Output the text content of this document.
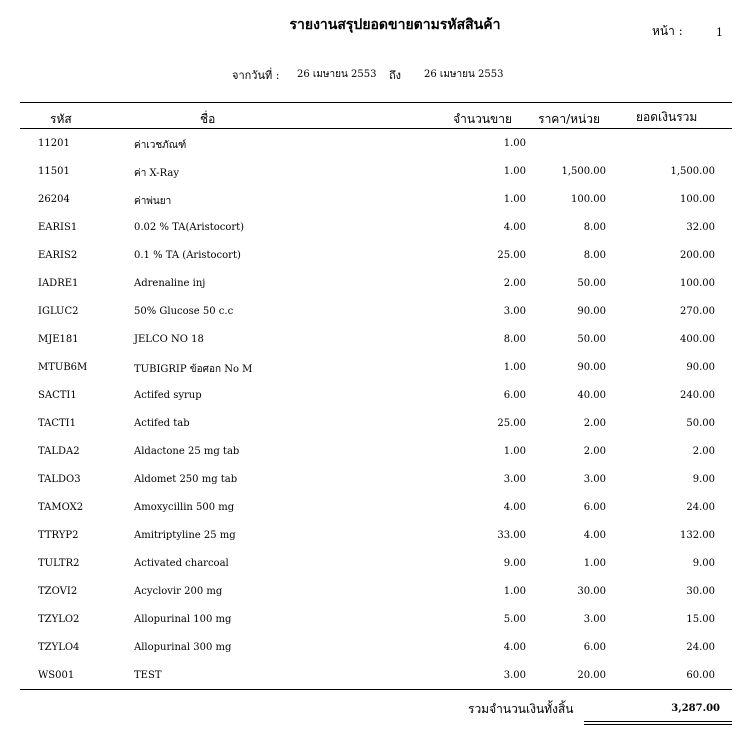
รายงานสรุปยอดขายตามรหัสสินค้า	หน้า :	1
จากวันที่ : 26 เมษายน 2553 ถึง 26 เมษายน 2553
รหัส	ชื่อ	จำนวนขาย ราคา/หน่วย	ยอดเงินรวม
11201	ค่าเวชภัณฑ์	1.00
11501	ค่า X-Ray	1.00	1,500.00	1,500.00
26204	ค่าพ่นยา	1.00	100.00	100.00
EARIS1	0.02 % TA(Aristocort)	4.00	8.00	32.00
EARIS2	0.1 % TA (Aristocort)	25.00	8.00	200.00
IADRE1	Adrenaline inj	2.00	50.00	100.00
IGLUC2	50% Glucose 50 c.c	3.00	90.00	270.00
MJE181	JELCO NO 18	8.00	50.00	400.00
MTUB6M	TUBIGRIP ข้อศอก No M	1.00	90.00	90.00
SACTI1	Actifed syrup	6.00	40.00	240.00
TACTI1	Actifed tab	25.00	2.00	50.00
TALDA2	Aldactone 25 mg tab	1.00	2.00	2.00
TALDO3	Aldomet 250 mg tab	3.00	3.00	9.00
TAMOX2	Amoxycillin 500 mg	4.00	6.00	24.00
TTRYP2	Amitriptyline 25 mg	33.00	4.00	132.00
TULTR2	Activated charcoal	9.00	1.00	9.00
TZOVI2	Acyclovir 200 mg	1.00	30.00	30.00
TZYLO2	Allopurinal 100 mg	5.00	3.00	15.00
TZYLO4	Allopurinal 300 mg	4.00	6.00	24.00
WS001	TEST	3.00	20.00	60.00
รวมจำนวนเงินทั้งสิ้น	3,287.00
